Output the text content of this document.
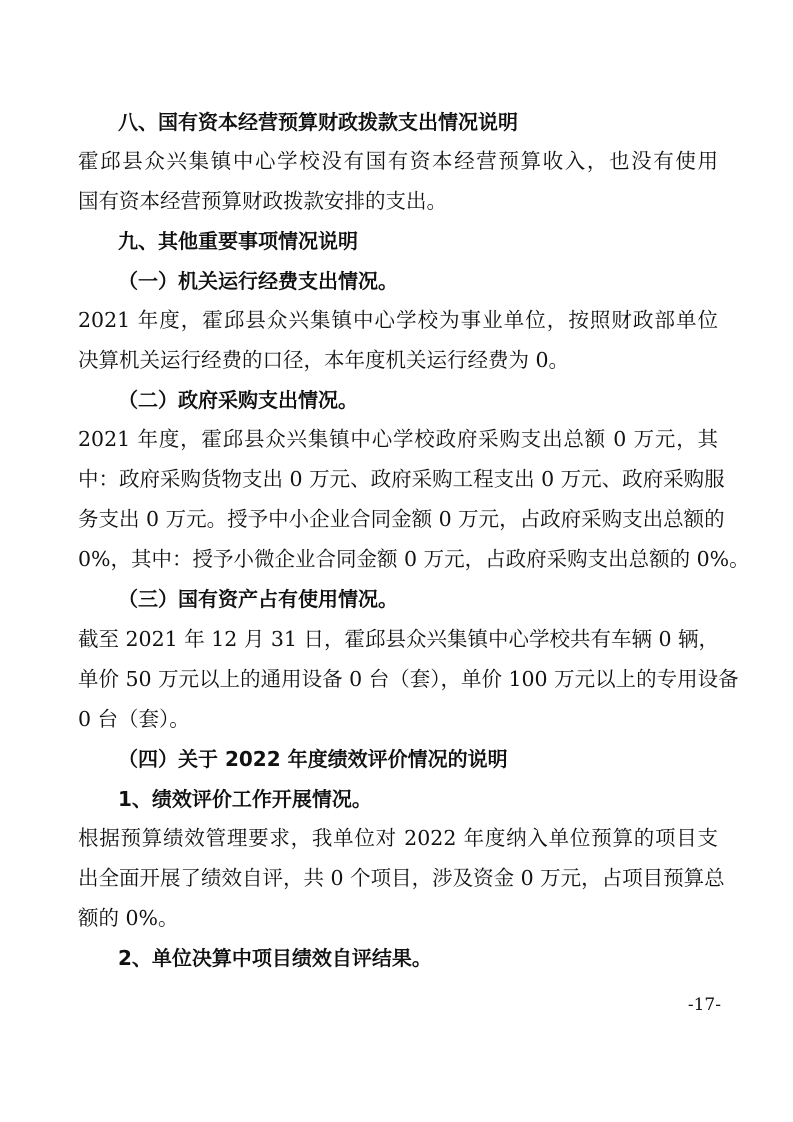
八、国有资本经营预算财政拨款支出情况说明
霍邱县众兴集镇中心学校没有国有资本经营预算收入，也没有使用
国有资本经营预算财政拨款安排的支出。
九、其他重要事项情况说明
（一）机关运行经费支出情况。
2021 年度，霍邱县众兴集镇中心学校为事业单位，按照财政部单位
决算机关运行经费的口径，本年度机关运行经费为 0。
（二）政府采购支出情况。
2021 年度，霍邱县众兴集镇中心学校政府采购支出总额 0 万元，其
中：政府采购货物支出 0 万元、政府采购工程支出 0 万元、政府采购服
务支出 0 万元。授予中小企业合同金额 0 万元，占政府采购支出总额的
0%，其中：授予小微企业合同金额 0 万元，占政府采购支出总额的 0%。
（三）国有资产占有使用情况。
截至 2021 年 12 月 31 日，霍邱县众兴集镇中心学校共有车辆 0 辆，
单价 50 万元以上的通用设备 0 台（套），单价 100 万元以上的专用设备
0 台（套）。
（四）关于 2022 年度绩效评价情况的说明
1、绩效评价工作开展情况。
根据预算绩效管理要求，我单位对 2022 年度纳入单位预算的项目支
出全面开展了绩效自评，共 0 个项目，涉及资金 0 万元，占项目预算总
额的 0%。
2、单位决算中项目绩效自评结果。
-17-
